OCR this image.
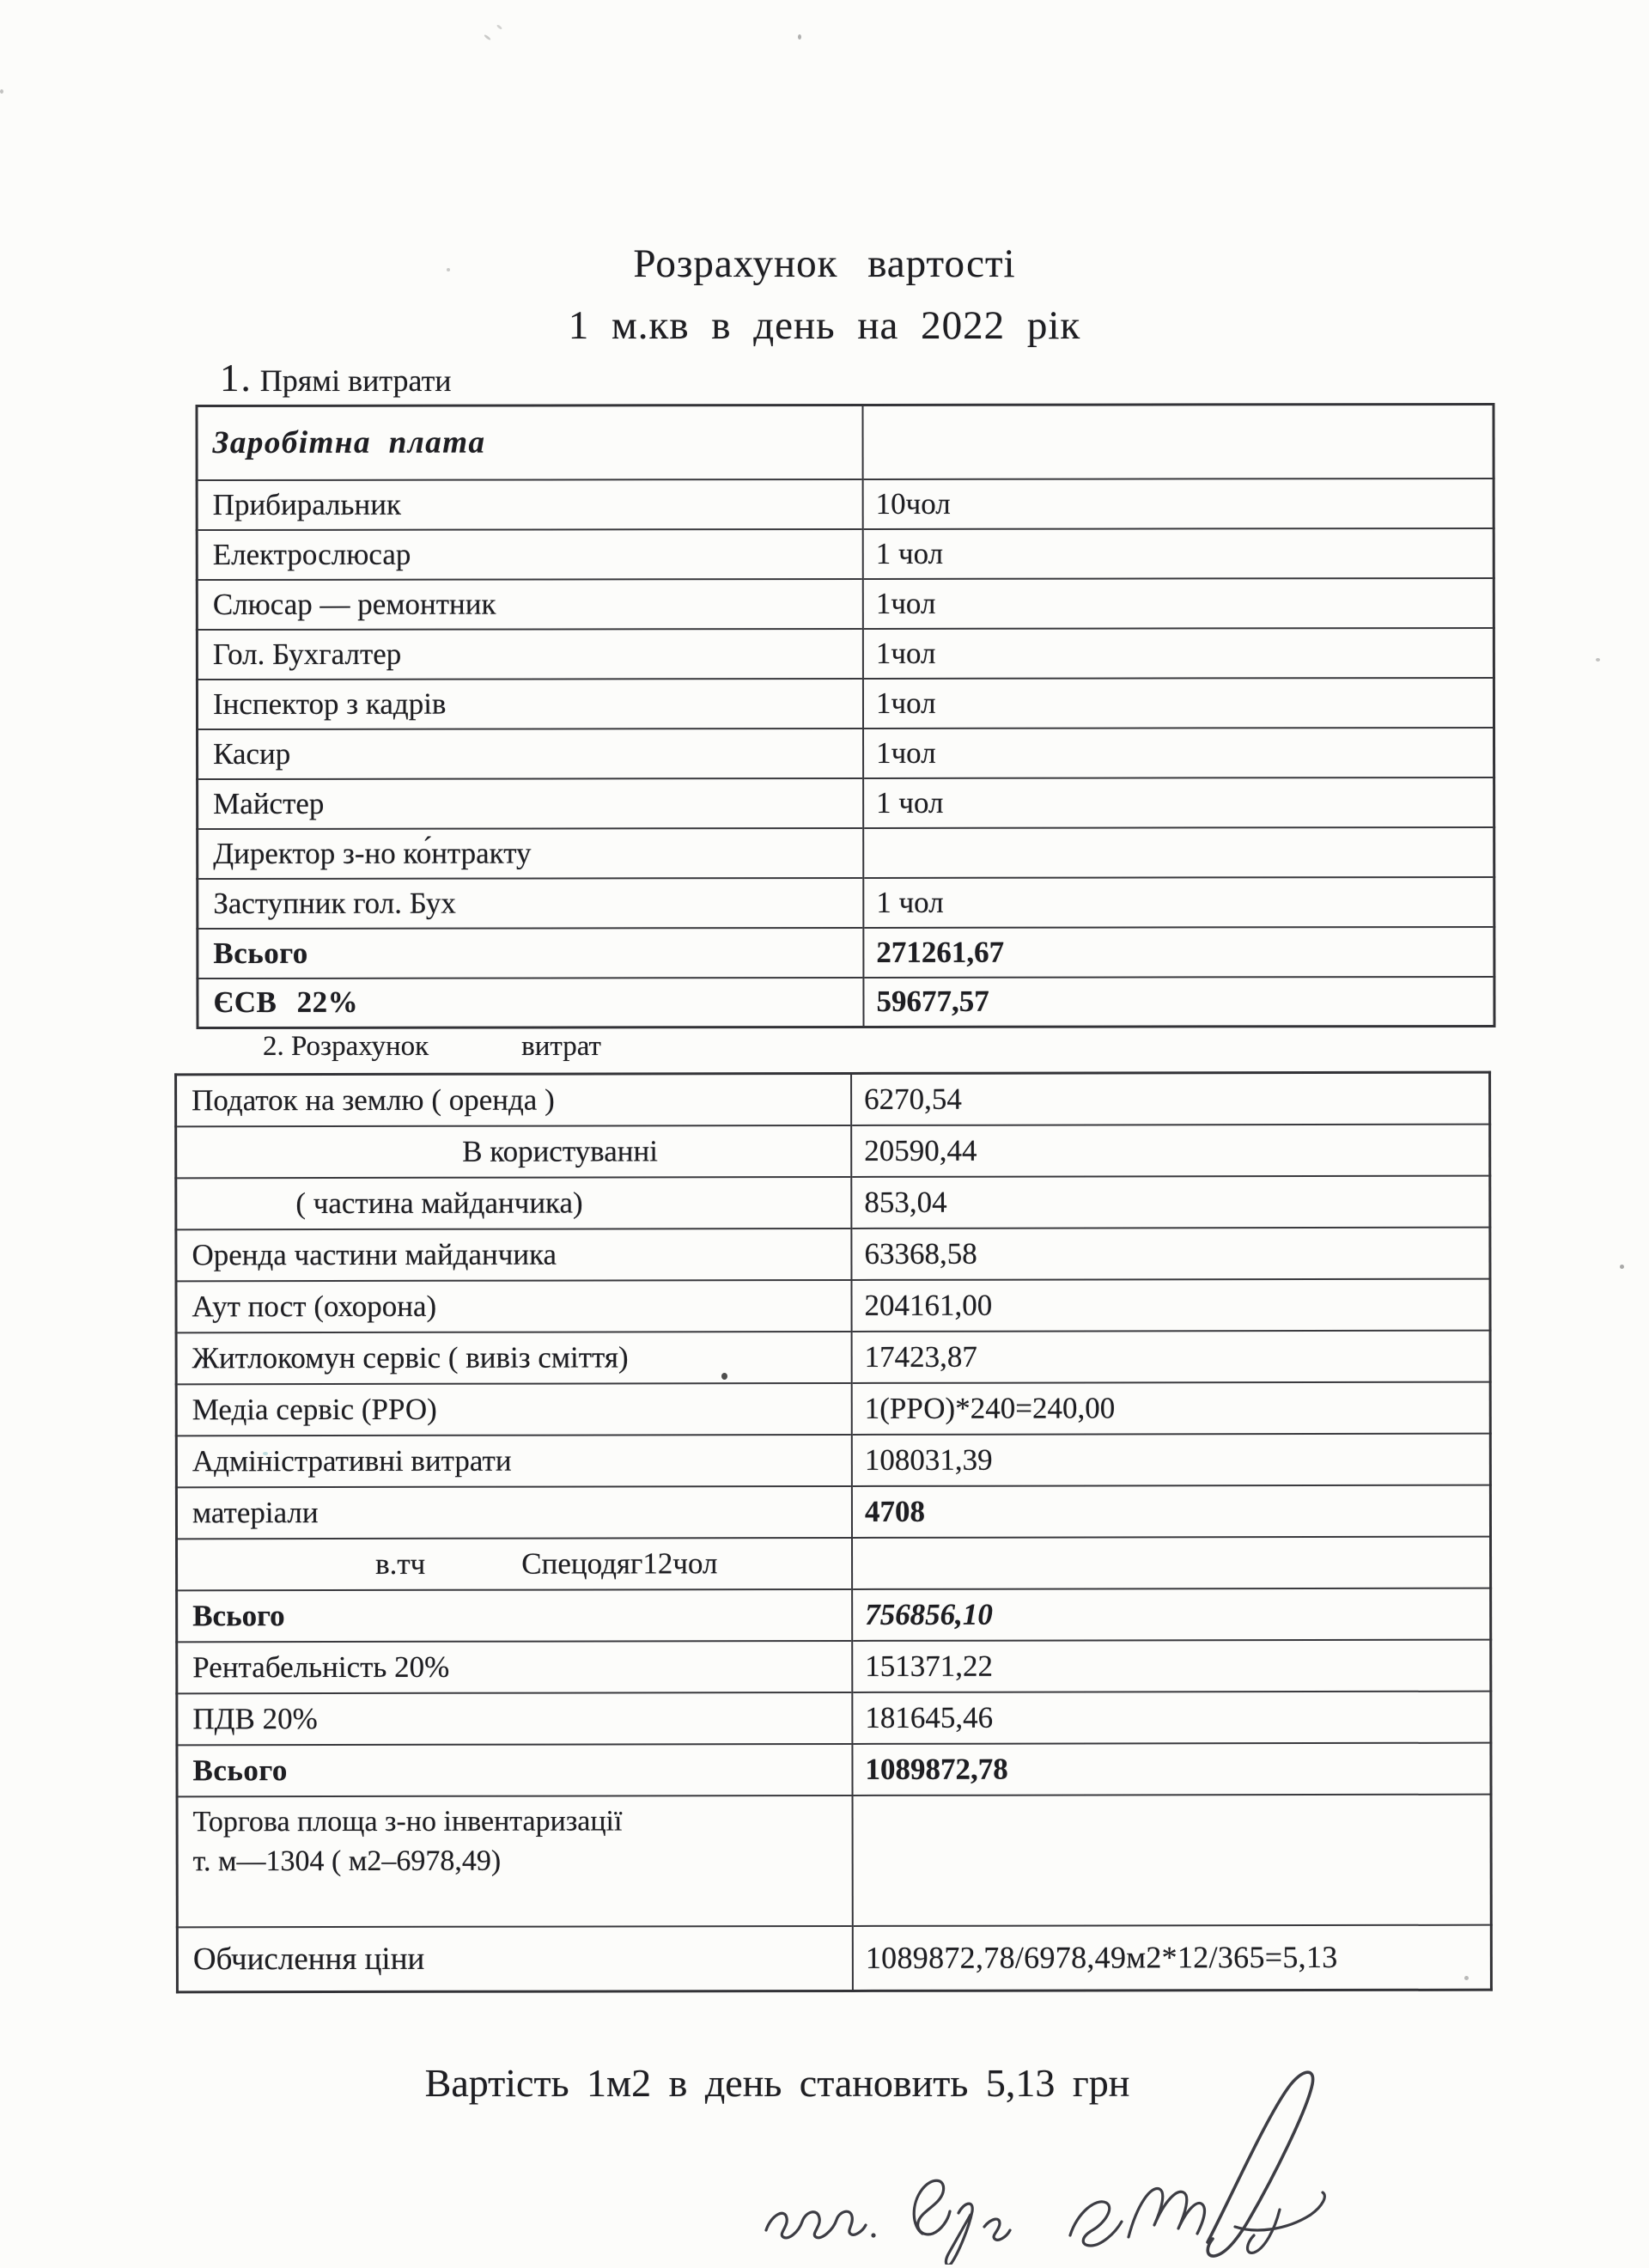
Розрахунок вартості
1 м.кв в день на 2022 рік
1. Прямі витрати
Заробітна плата	
Прибиральник	10чол
Електрослюсар	1 чол
Слюсар — ремонтник	1чол
Гол. Бухгалтер	1чол
Інспектор з кадрів	1чол
Касир	1чол
Майстер	1 чол
Директор з-но ко́нтракту	
Заступник гол. Бух	1 чол
Всього	271261,67
ЄСВ 22%	59677,57
2. Розрахунок	витрат
Податок на землю ( оренда )	6270,54
В користуванні	20590,44
( частина майданчика)	853,04
Оренда частини майданчика	63368,58
Аут пост (охорона)	204161,00
Житлокомун сервіс ( вивіз сміття)	17423,87
Медіа сервіс (РРО)	1(РРО)*240=240,00
Адміністративні витрати	108031,39
матеріали	4708
в.тч Спецодяг12чол	
Всього	756856,10
Рентабельність 20%	151371,22
ПДВ 20%	181645,46
Всього	1089872,78

Торгова площа з-но інвентаризації
т. м—1304 ( м2–6978,49)	

Обчислення ціни	1089872,78/6978,49м2*12/365=5,13
Вартість 1м2 в день становить 5,13 грн
